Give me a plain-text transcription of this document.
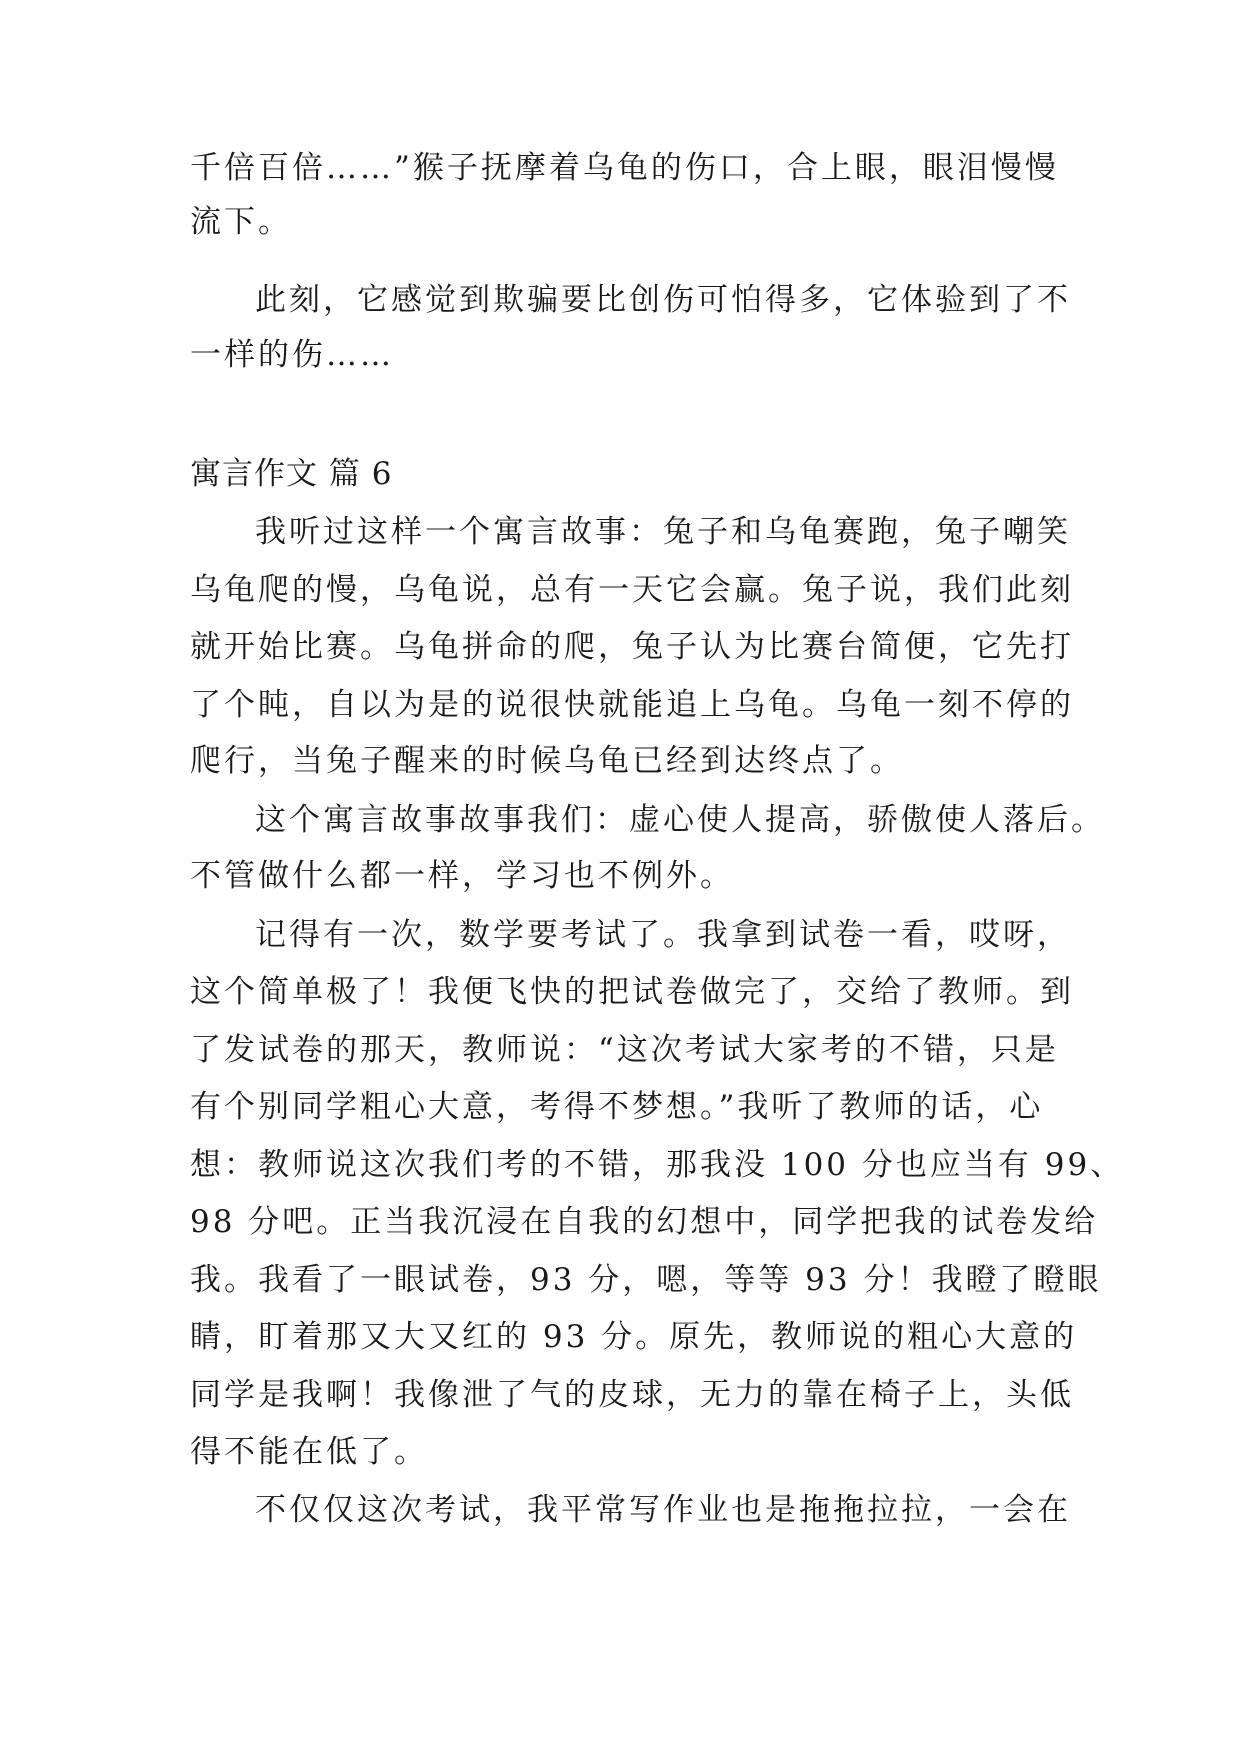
千倍百倍……”猴子抚摩着乌龟的伤口，合上眼，眼泪慢慢
流下。
此刻，它感觉到欺骗要比创伤可怕得多，它体验到了不
一样的伤……
寓言作文 篇 6
我听过这样一个寓言故事：兔子和乌龟赛跑，兔子嘲笑
乌龟爬的慢，乌龟说，总有一天它会赢。兔子说，我们此刻
就开始比赛。乌龟拼命的爬，兔子认为比赛台简便，它先打
了个盹，自以为是的说很快就能追上乌龟。乌龟一刻不停的
爬行，当兔子醒来的时候乌龟已经到达终点了。
这个寓言故事故事我们：虚心使人提高，骄傲使人落后。
不管做什么都一样，学习也不例外。
记得有一次，数学要考试了。我拿到试卷一看，哎呀，
这个简单极了！我便飞快的把试卷做完了，交给了教师。到
了发试卷的那天，教师说：“这次考试大家考的不错，只是
有个别同学粗心大意，考得不梦想。”我听了教师的话，心
想：教师说这次我们考的不错，那我没 100 分也应当有 99、
98 分吧。正当我沉浸在自我的幻想中，同学把我的试卷发给
我。我看了一眼试卷，93 分，嗯，等等 93 分！我瞪了瞪眼
睛，盯着那又大又红的 93 分。原先，教师说的粗心大意的
同学是我啊！我像泄了气的皮球，无力的靠在椅子上，头低
得不能在低了。
不仅仅这次考试，我平常写作业也是拖拖拉拉，一会在
